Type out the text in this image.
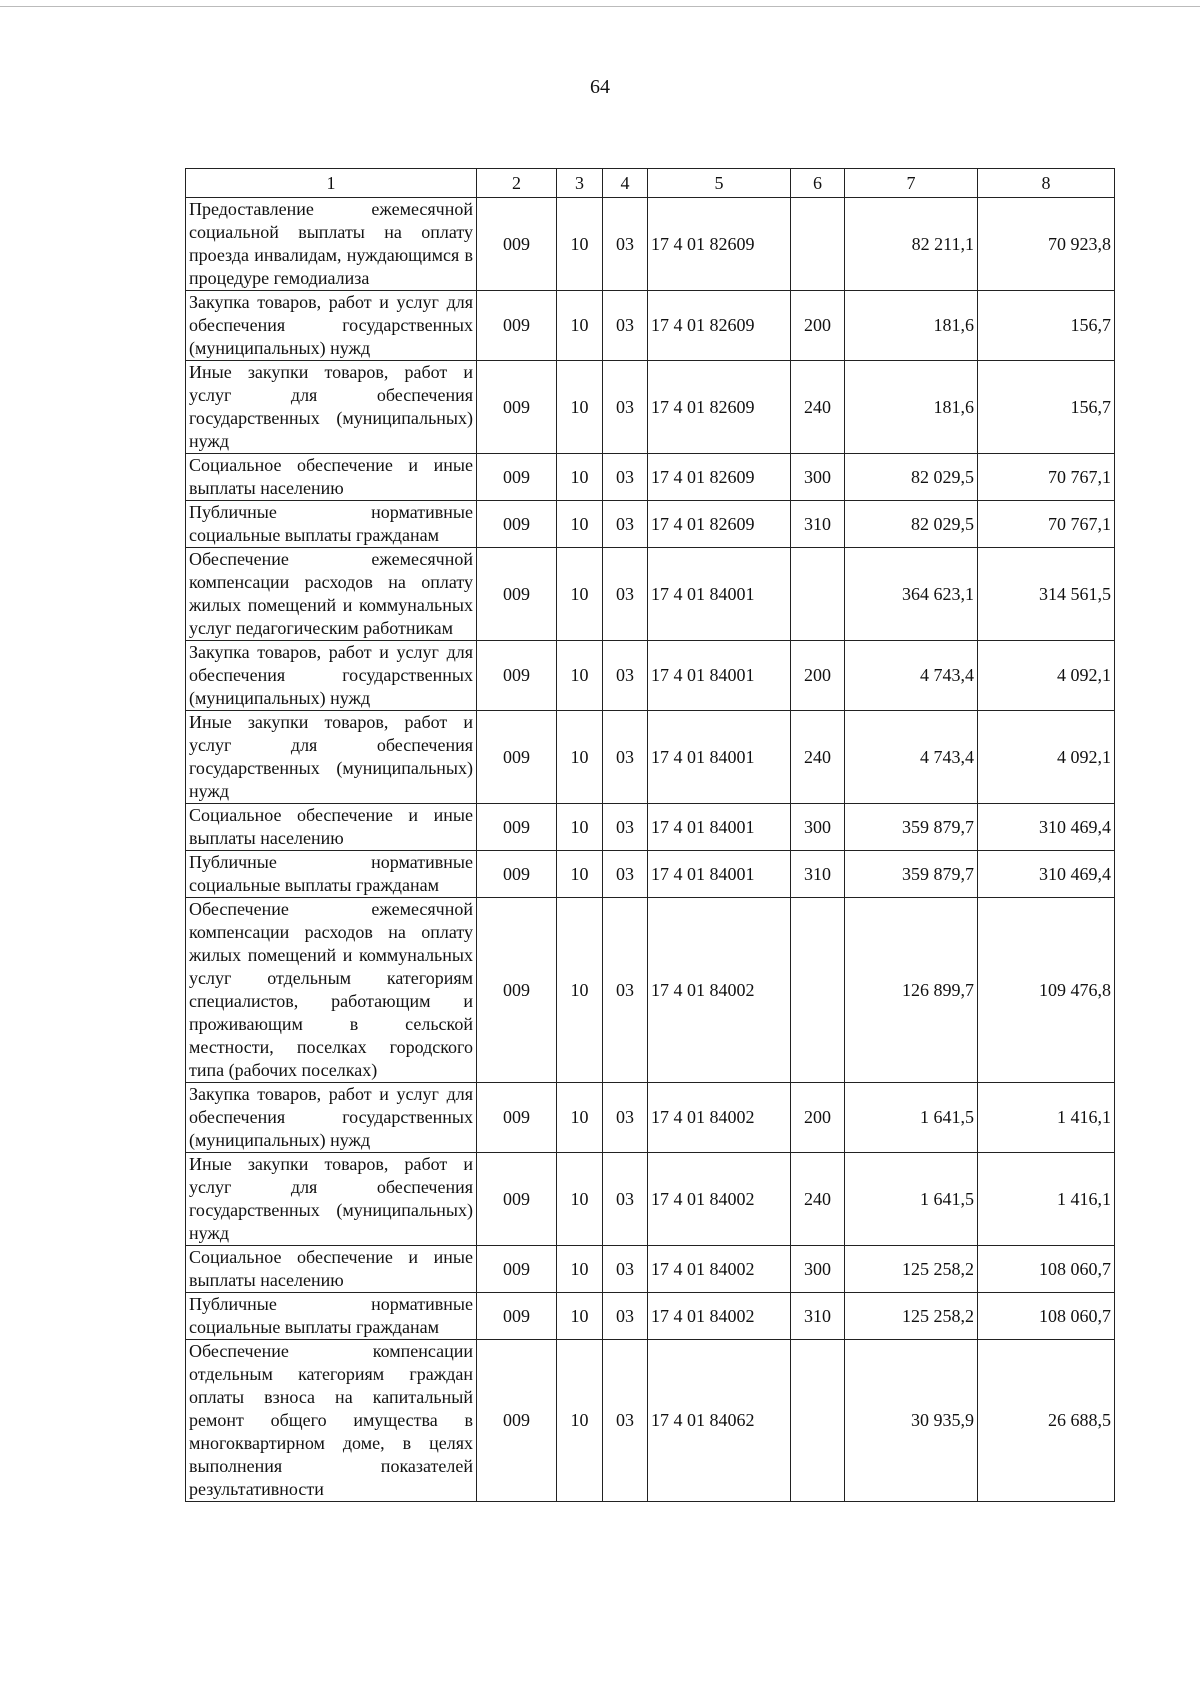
64
1	2	3	4	5	6	7	8
Предоставление ежемесячной социальной выплаты на оплату проезда инвалидам, нуждающимся в процедуре гемодиализа	009	10	03	17 4 01 82609		82 211,1	70 923,8
Закупка товаров, работ и услуг для обеспечения государственных (муниципальных) нужд	009	10	03	17 4 01 82609	200	181,6	156,7
Иные закупки товаров, работ и услуг для обеспечения государственных (муниципальных) нужд	009	10	03	17 4 01 82609	240	181,6	156,7
Социальное обеспечение и иные выплаты населению	009	10	03	17 4 01 82609	300	82 029,5	70 767,1
Публичные нормативные социальные выплаты гражданам	009	10	03	17 4 01 82609	310	82 029,5	70 767,1
Обеспечение ежемесячной компенсации расходов на оплату жилых помещений и коммунальных услуг педагогическим работникам	009	10	03	17 4 01 84001		364 623,1	314 561,5
Закупка товаров, работ и услуг для обеспечения государственных (муниципальных) нужд	009	10	03	17 4 01 84001	200	4 743,4	4 092,1
Иные закупки товаров, работ и услуг для обеспечения государственных (муниципальных) нужд	009	10	03	17 4 01 84001	240	4 743,4	4 092,1
Социальное обеспечение и иные выплаты населению	009	10	03	17 4 01 84001	300	359 879,7	310 469,4
Публичные нормативные социальные выплаты гражданам	009	10	03	17 4 01 84001	310	359 879,7	310 469,4
Обеспечение ежемесячной компенсации расходов на оплату жилых помещений и коммунальных услуг отдельным категориям специалистов, работающим и проживающим в сельской местности, поселках городского типа (рабочих поселках)	009	10	03	17 4 01 84002		126 899,7	109 476,8
Закупка товаров, работ и услуг для обеспечения государственных (муниципальных) нужд	009	10	03	17 4 01 84002	200	1 641,5	1 416,1
Иные закупки товаров, работ и услуг для обеспечения государственных (муниципальных) нужд	009	10	03	17 4 01 84002	240	1 641,5	1 416,1
Социальное обеспечение и иные выплаты населению	009	10	03	17 4 01 84002	300	125 258,2	108 060,7
Публичные нормативные социальные выплаты гражданам	009	10	03	17 4 01 84002	310	125 258,2	108 060,7
Обеспечение компенсации отдельным категориям граждан оплаты взноса на капитальный ремонт общего имущества в многоквартирном доме, в целях выполнения показателей результативности	009	10	03	17 4 01 84062		30 935,9	26 688,5
